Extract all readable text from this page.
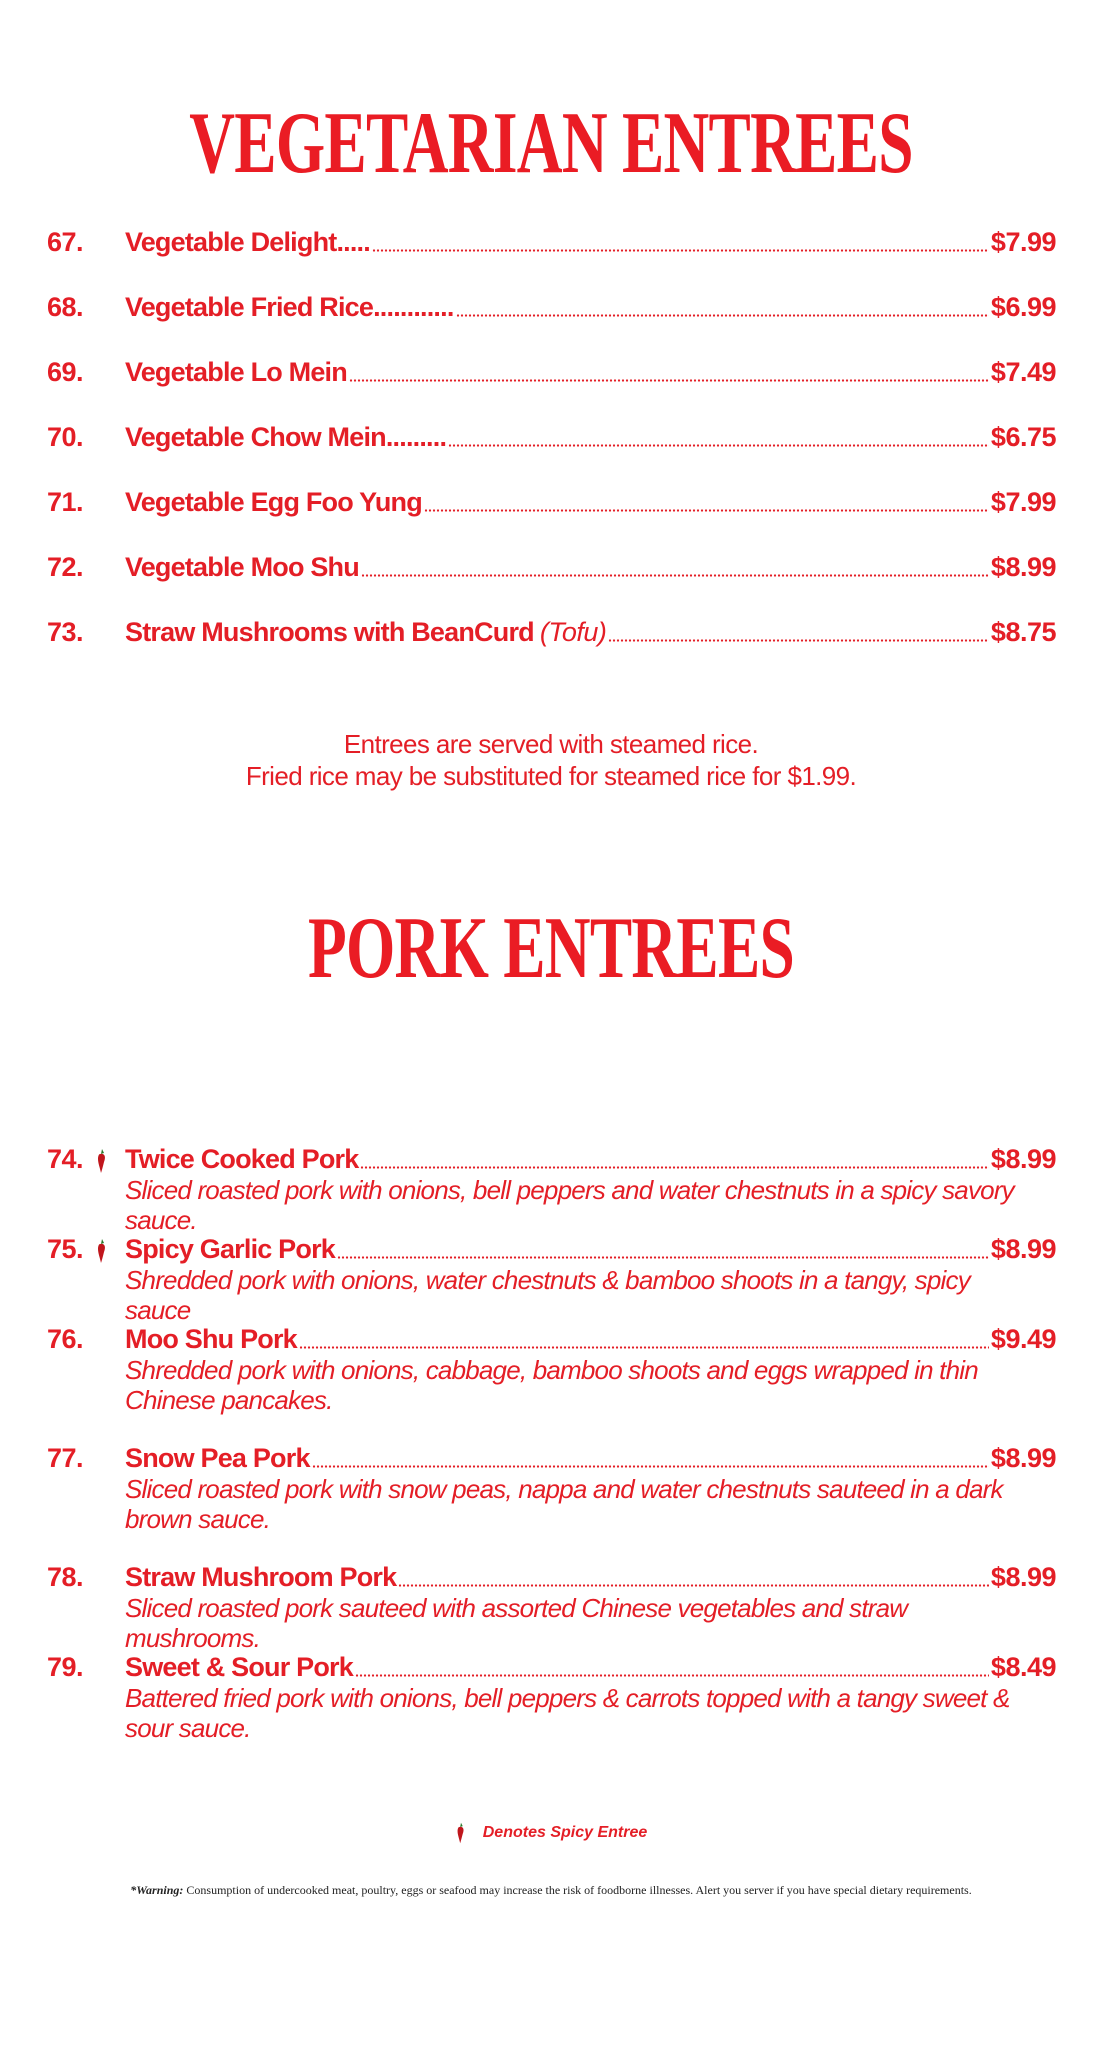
VEGETARIAN ENTREES
67. Vegetable Delight.....	$7.99
68. Vegetable Fried Rice............	$6.99
69. Vegetable Lo Mein	$7.49
70. Vegetable Chow Mein.........	$6.75
71. Vegetable Egg Foo Yung	$7.99
72. Vegetable Moo Shu	$8.99
73. Straw Mushrooms with BeanCurd (Tofu)	$8.75
Entrees are served with steamed rice.
Fried rice may be substituted for steamed rice for $1.99.
PORK ENTREES
74. Twice Cooked Pork	$8.99
Sliced roasted pork with onions, bell peppers and water chestnuts in a spicy savory sauce.
75. Spicy Garlic Pork	$8.99
Shredded pork with onions, water chestnuts & bamboo shoots in a tangy, spicy sauce
76. Moo Shu Pork	$9.49
Shredded pork with onions, cabbage, bamboo shoots and eggs wrapped in thin Chinese pancakes.
77. Snow Pea Pork	$8.99
Sliced roasted pork with snow peas, nappa and water chestnuts sauteed in a dark brown sauce.
78. Straw Mushroom Pork	$8.99
Sliced roasted pork sauteed with assorted Chinese vegetables and straw mushrooms.
79. Sweet & Sour Pork	$8.49
Battered fried pork with onions, bell peppers & carrots topped with a tangy sweet & sour sauce.
Denotes Spicy Entree
*Warning: Consumption of undercooked meat, poultry, eggs or seafood may increase the risk of foodborne illnesses. Alert you server if you have special dietary requirements.
